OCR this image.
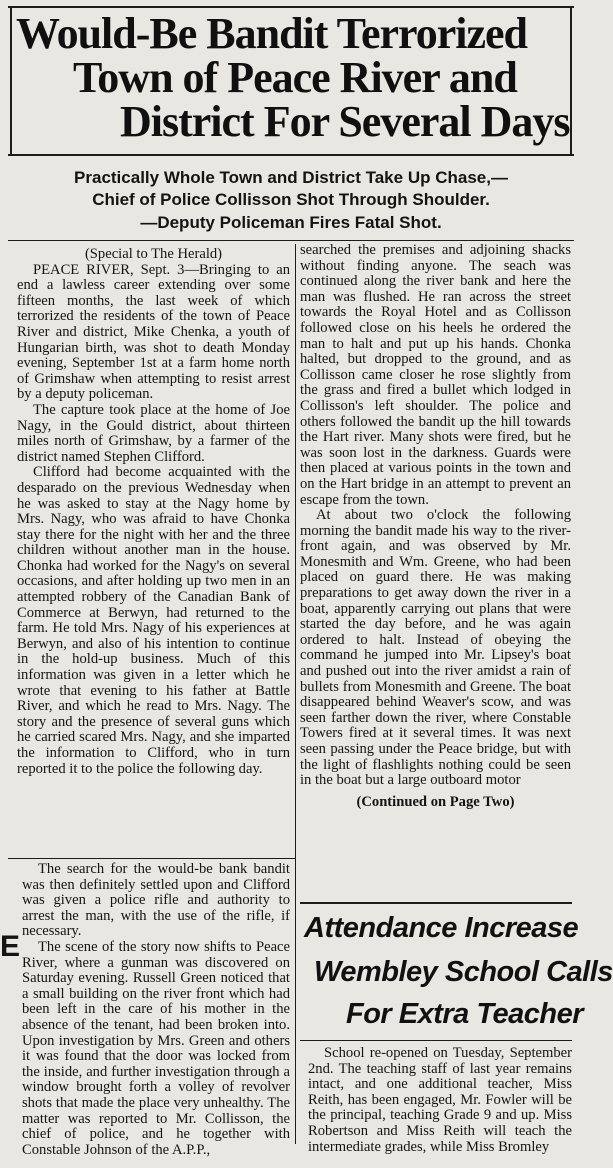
Would-Be Bandit Terrorized
Town of Peace River and
District For Several Days

Practically Whole Town and District Take Up Chase,—

Chief of Police Collisson Shot Through Shoulder.

—Deputy Policeman Fires Fatal Shot.

(Special to The Herald)

PEACE RIVER, Sept. 3—Bringing to an end a lawless career extending over some fifteen months, the last week of which terrorized the residents of the town of Peace River and district, Mike Chenka, a youth of Hungarian birth, was shot to death Monday evening, September 1st at a farm home north of Grimshaw when attempting to resist arrest by a deputy policeman.

The capture took place at the home of Joe Nagy, in the Gould district, about thirteen miles north of Grimshaw, by a farmer of the district named Stephen Clifford.

Clifford had become acquainted with the desparado on the previous Wednesday when he was asked to stay at the Nagy home by Mrs. Nagy, who was afraid to have Chonka stay there for the night with her and the three children without another man in the house. Chonka had worked for the Nagy's on several occasions, and after holding up two men in an attempted robbery of the Canadian Bank of Commerce at Berwyn, had returned to the farm. He told Mrs. Nagy of his experiences at Berwyn, and also of his intention to continue in the hold-up business. Much of this information was given in a letter which he wrote that evening to his father at Battle River, and which he read to Mrs. Nagy. The story and the presence of several guns which he carried scared Mrs. Nagy, and she imparted the information to Clifford, who in turn reported it to the police the following day.

The search for the would-be bank bandit was then definitely settled upon and Clifford was given a police rifle and authority to arrest the man, with the use of the rifle, if necessary.

The scene of the story now shifts to Peace River, where a gunman was discovered on Saturday evening. Russell Green noticed that a small building on the river front which had been left in the care of his mother in the absence of the tenant, had been broken into. Upon investigation by Mrs. Green and others it was found that the door was locked from the inside, and further investigation through a window brought forth a volley of revolver shots that made the place very unhealthy. The matter was reported to Mr. Collisson, the chief of police, and he together with Constable Johnson of the A.P.P.,

E

searched the premises and adjoining shacks without finding anyone. The seach was continued along the river bank and here the man was flushed. He ran across the street towards the Royal Hotel and as Collisson followed close on his heels he ordered the man to halt and put up his hands. Chonka halted, but dropped to the ground, and as Collisson came closer he rose slightly from the grass and fired a bullet which lodged in Collisson's left shoulder. The police and others followed the bandit up the hill towards the Hart river. Many shots were fired, but he was soon lost in the darkness. Guards were then placed at various points in the town and on the Hart bridge in an attempt to prevent an escape from the town.

At about two o'clock the following morning the bandit made his way to the river-front again, and was observed by Mr. Monesmith and Wm. Greene, who had been placed on guard there. He was making preparations to get away down the river in a boat, apparently carrying out plans that were started the day before, and he was again ordered to halt. Instead of obeying the command he jumped into Mr. Lipsey's boat and pushed out into the river amidst a rain of bullets from Monesmith and Greene. The boat disappeared behind Weaver's scow, and was seen farther down the river, where Constable Towers fired at it several times. It was next seen passing under the Peace bridge, but with the light of flashlights nothing could be seen in the boat but a large outboard motor

(Continued on Page Two)

Attendance Increase
Wembley School Calls
For Extra Teacher

School re-opened on Tuesday, September 2nd. The teaching staff of last year remains intact, and one additional teacher, Miss Reith, has been engaged, Mr. Fowler will be the principal, teaching Grade 9 and up. Miss Robertson and Miss Reith will teach the intermediate grades, while Miss Bromley
